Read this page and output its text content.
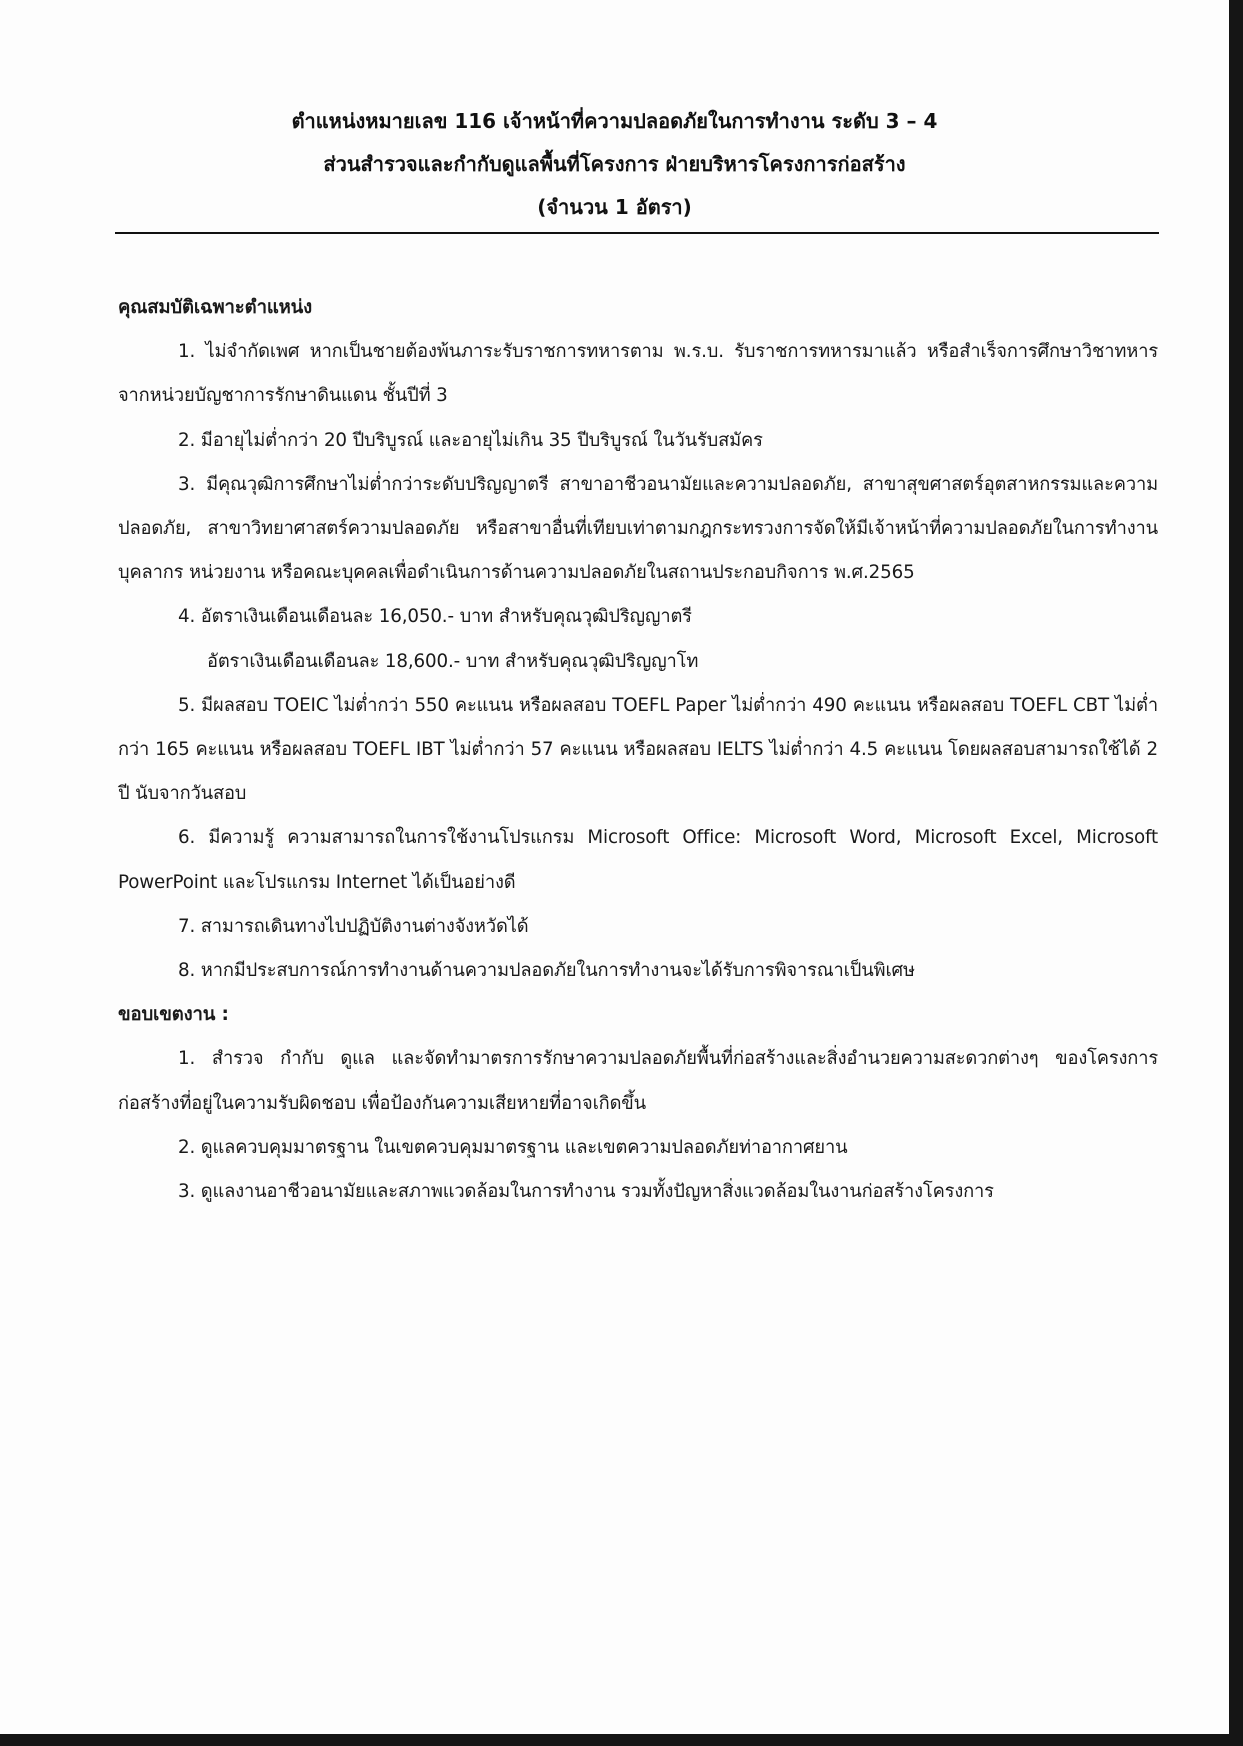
ตำแหน่งหมายเลข 116 เจ้าหน้าที่ความปลอดภัยในการทำงาน ระดับ 3 – 4
ส่วนสำรวจและกำกับดูแลพื้นที่โครงการ ฝ่ายบริหารโครงการก่อสร้าง
(จำนวน 1 อัตรา)
คุณสมบัติเฉพาะตำแหน่ง
1. ไม่จำกัดเพศ หากเป็นชายต้องพ้นภาระรับราชการทหารตาม พ.ร.บ. รับราชการทหารมาแล้ว หรือสำเร็จการศึกษาวิชาทหารจากหน่วยบัญชาการรักษาดินแดน ชั้นปีที่ 3
2. มีอายุไม่ต่ำกว่า 20 ปีบริบูรณ์ และอายุไม่เกิน 35 ปีบริบูรณ์ ในวันรับสมัคร
3. มีคุณวุฒิการศึกษาไม่ต่ำกว่าระดับปริญญาตรี สาขาอาชีวอนามัยและความปลอดภัย, สาขาสุขศาสตร์อุตสาหกรรมและความปลอดภัย, สาขาวิทยาศาสตร์ความปลอดภัย หรือสาขาอื่นที่เทียบเท่าตามกฎกระทรวงการจัดให้มีเจ้าหน้าที่ความปลอดภัยในการทำงาน บุคลากร หน่วยงาน หรือคณะบุคคลเพื่อดำเนินการด้านความปลอดภัยในสถานประกอบกิจการ พ.ศ.2565
4. อัตราเงินเดือนเดือนละ 16,050.- บาท สำหรับคุณวุฒิปริญญาตรี
อัตราเงินเดือนเดือนละ 18,600.- บาท สำหรับคุณวุฒิปริญญาโท
5. มีผลสอบ TOEIC ไม่ต่ำกว่า 550 คะแนน หรือผลสอบ TOEFL Paper ไม่ต่ำกว่า 490 คะแนน หรือผลสอบ TOEFL CBT ไม่ต่ำกว่า 165 คะแนน หรือผลสอบ TOEFL IBT ไม่ต่ำกว่า 57 คะแนน หรือผลสอบ IELTS ไม่ต่ำกว่า 4.5 คะแนน โดยผลสอบสามารถใช้ได้ 2 ปี นับจากวันสอบ
6. มีความรู้ ความสามารถในการใช้งานโปรแกรม Microsoft Office: Microsoft Word, Microsoft Excel, Microsoft PowerPoint และโปรแกรม Internet ได้เป็นอย่างดี
7. สามารถเดินทางไปปฏิบัติงานต่างจังหวัดได้
8. หากมีประสบการณ์การทำงานด้านความปลอดภัยในการทำงานจะได้รับการพิจารณาเป็นพิเศษ
ขอบเขตงาน :
1. สำรวจ กำกับ ดูแล และจัดทำมาตรการรักษาความปลอดภัยพื้นที่ก่อสร้างและสิ่งอำนวยความสะดวกต่างๆ ของโครงการก่อสร้างที่อยู่ในความรับผิดชอบ เพื่อป้องกันความเสียหายที่อาจเกิดขึ้น
2. ดูแลควบคุมมาตรฐาน ในเขตควบคุมมาตรฐาน และเขตความปลอดภัยท่าอากาศยาน
3. ดูแลงานอาชีวอนามัยและสภาพแวดล้อมในการทำงาน รวมทั้งปัญหาสิ่งแวดล้อมในงานก่อสร้างโครงการ
